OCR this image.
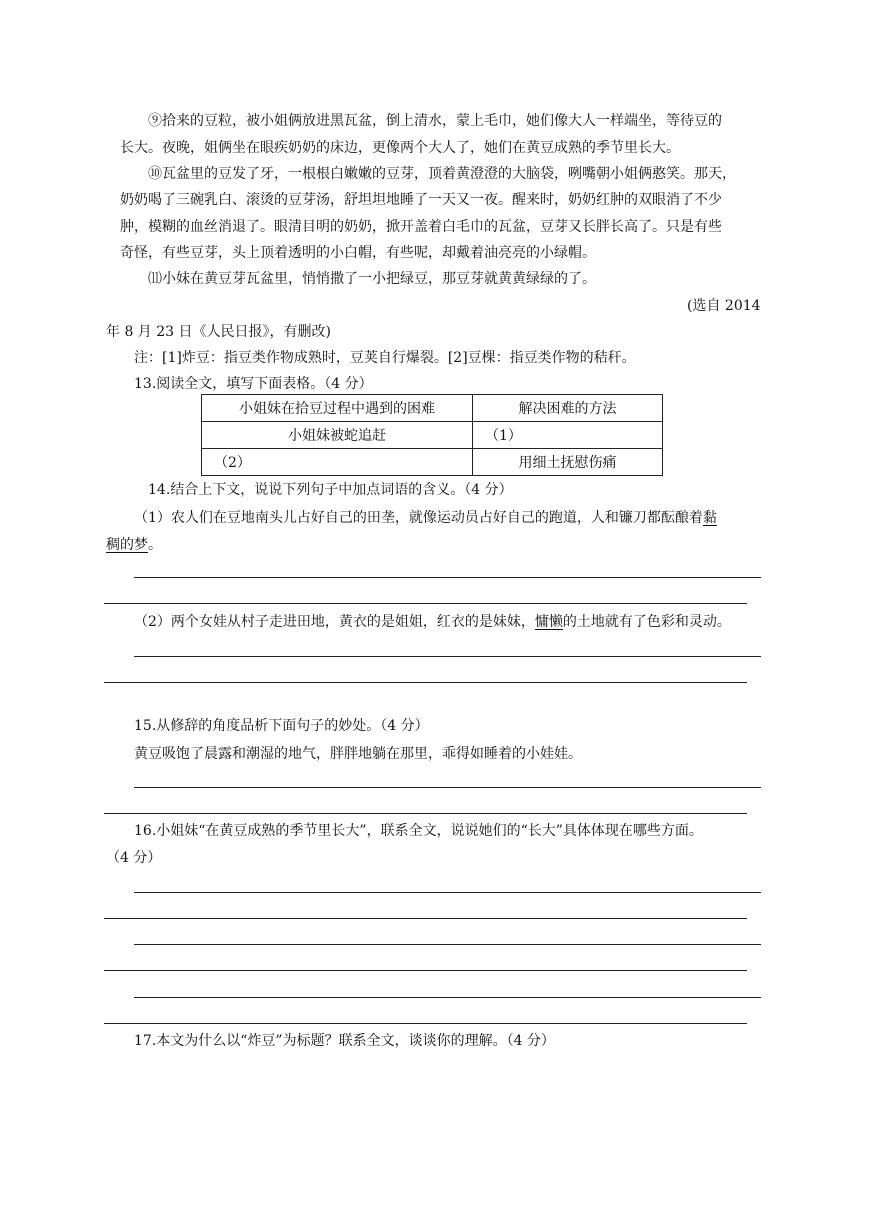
⑨拾来的豆粒，被小姐俩放进黑瓦盆，倒上清水，蒙上毛巾，她们像大人一样端坐，等待豆的
长大。夜晚，姐俩坐在眼疾奶奶的床边，更像两个大人了，她们在黄豆成熟的季节里长大。
⑩瓦盆里的豆发了牙，一根根白嫩嫩的豆芽，顶着黄澄澄的大脑袋，咧嘴朝小姐俩憨笑。那天，
奶奶喝了三碗乳白、滚烫的豆芽汤，舒坦坦地睡了一天又一夜。醒来时，奶奶红肿的双眼消了不少
肿，模糊的血丝消退了。眼清目明的奶奶，掀开盖着白毛巾的瓦盆，豆芽又长胖长高了。只是有些
奇怪，有些豆芽，头上顶着透明的小白帽，有些呢，却戴着油亮亮的小绿帽。
⑾小妹在黄豆芽瓦盆里，悄悄撒了一小把绿豆，那豆芽就黄黄绿绿的了。
(选自 2014
年 8 月 23 日《人民日报》，有删改)
注：[1]炸豆：指豆类作物成熟时，豆荚自行爆裂。[2]豆棵：指豆类作物的秸秆。
13.阅读全文，填写下面表格。（4 分）
小姐妹在拾豆过程中遇到的困难	解决困难的方法
小姐妹被蛇追赶	（1）
（2）	用细土抚慰伤痛
14.结合上下文，说说下列句子中加点词语的含义。（4 分）
（1）农人们在豆地南头儿占好自己的田垄，就像运动员占好自己的跑道，人和镰刀都酝酿着黏
稠的梦。
（2）两个女娃从村子走进田地，黄衣的是姐姐，红衣的是妹妹，慵懒的土地就有了色彩和灵动。
15.从修辞的角度品析下面句子的妙处。（4 分）
黄豆吸饱了晨露和潮湿的地气，胖胖地躺在那里，乖得如睡着的小娃娃。
16.小姐妹“在黄豆成熟的季节里长大”，联系全文，说说她们的“长大”具体体现在哪些方面。
（4 分）
17.本文为什么以“炸豆”为标题？联系全文，谈谈你的理解。（4 分）
